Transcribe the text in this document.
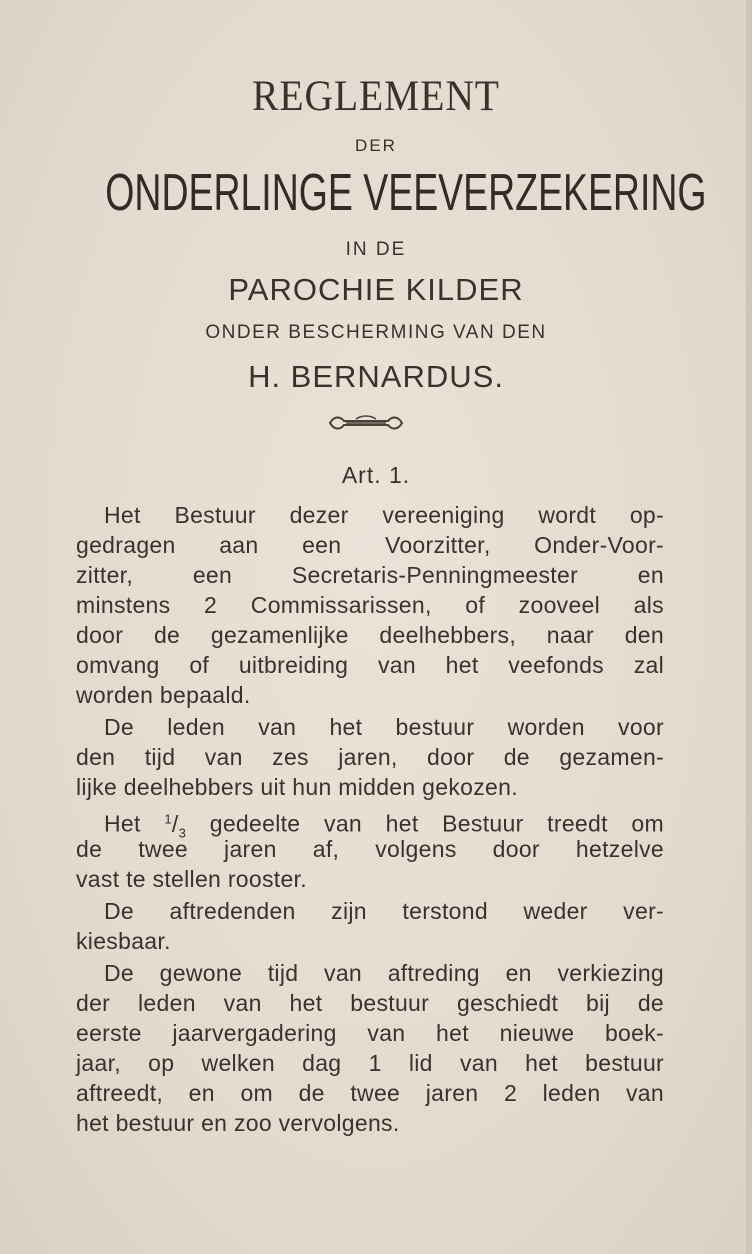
REGLEMENT
DER
ONDERLINGE VEEVERZEKERING
IN DE
PAROCHIE KILDER
ONDER BESCHERMING VAN DEN
H. BERNARDUS.
Art. 1.
Het Bestuur dezer vereeniging wordt op-
gedragen aan een Voorzitter, Onder-Voor-
zitter, een Secretaris-Penningmeester en
minstens 2 Commissarissen, of zooveel als
door de gezamenlijke deelhebbers, naar den
omvang of uitbreiding van het veefonds zal
worden bepaald.
De leden van het bestuur worden voor
den tijd van zes jaren, door de gezamen-
lijke deelhebbers uit hun midden gekozen.
Het $^1/_3$ gedeelte van het Bestuur treedt om
de twee jaren af, volgens door hetzelve
vast te stellen rooster.
De aftredenden zijn terstond weder ver-
kiesbaar.
De gewone tijd van aftreding en verkiezing
der leden van het bestuur geschiedt bij de
eerste jaarvergadering van het nieuwe boek-
jaar, op welken dag 1 lid van het bestuur
aftreedt, en om de twee jaren 2 leden van
het bestuur en zoo vervolgens.
